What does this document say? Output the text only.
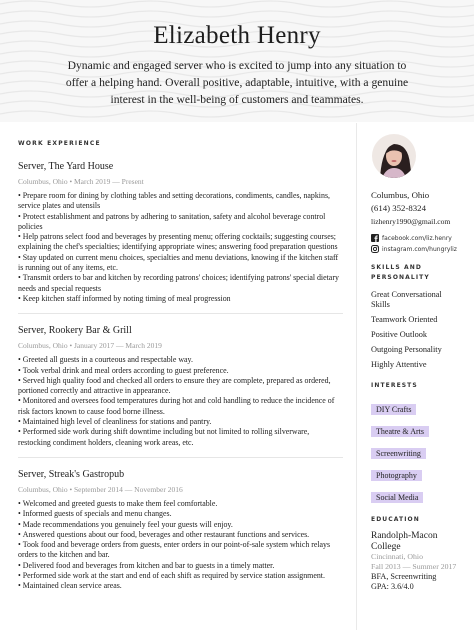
Elizabeth Henry
Dynamic and engaged server who is excited to jump into any situation to
offer a helping hand. Overall positive, adaptable, intuitive, with a genuine
interest in the well-being of customers and teammates.
WORK EXPERIENCE
Server, The Yard House
Columbus, Ohio • March 2019 — Present
• Prepare room for dining by clothing tables and setting decorations, condiments, candles, napkins, service plates and utensils
• Protect establishment and patrons by adhering to sanitation, safety and alcohol beverage control policies
• Help patrons select food and beverages by presenting menu; offering cocktails; suggesting courses; explaining the chef's specialties; identifying appropriate wines; answering food preparation questions
• Stay updated on current menu choices, specialties and menu deviations, knowing if the kitchen staff is running out of any items, etc.
• Transmit orders to bar and kitchen by recording patrons' choices; identifying patrons' special dietary needs and special requests
• Keep kitchen staff informed by noting timing of meal progression
Server, Rookery Bar & Grill
Columbus, Ohio • January 2017 — March 2019
• Greeted all guests in a courteous and respectable way.
• Took verbal drink and meal orders according to guest preference.
• Served high quality food and checked all orders to ensure they are complete, prepared as ordered, portioned correctly and attractive in appearance.
• Monitored and oversees food temperatures during hot and cold handling to reduce the incidence of risk factors known to cause food borne illness.
• Maintained high level of cleanliness for stations and pantry.
• Performed side work during shift downtime including but not limited to rolling silverware, restocking condiment holders, cleaning work areas, etc.
Server, Streak's Gastropub
Columbus, Ohio • September 2014 — November 2016
• Welcomed and greeted guests to make them feel comfortable.
• Informed guests of specials and menu changes.
• Made recommendations you genuinely feel your guests will enjoy.
• Answered questions about our food, beverages and other restaurant functions and services.
• Took food and beverage orders from guests, enter orders in our point-of-sale system which relays orders to the kitchen and bar.
• Delivered food and beverages from kitchen and bar to guests in a timely matter.
• Performed side work at the start and end of each shift as required by service station assignment.
• Maintained clean service areas.
Columbus, Ohio
(614) 352-8324
lizhenry1990@gmail.com
facebook.com/liz.henry
instagram.com/hungryliz
SKILLS AND
PERSONALITY
Great Conversational Skills
Teamwork Oriented
Positive Outlook
Outgoing Personality
Highly Attentive
INTERESTS
DIY Crafts
Theatre & Arts
Screenwriting
Photography
Social Media
EDUCATION
Randolph-Macon College
Cincinnati, Ohio
Fall 2013 — Summer 2017
BFA, Screenwriting
GPA: 3.6/4.0
